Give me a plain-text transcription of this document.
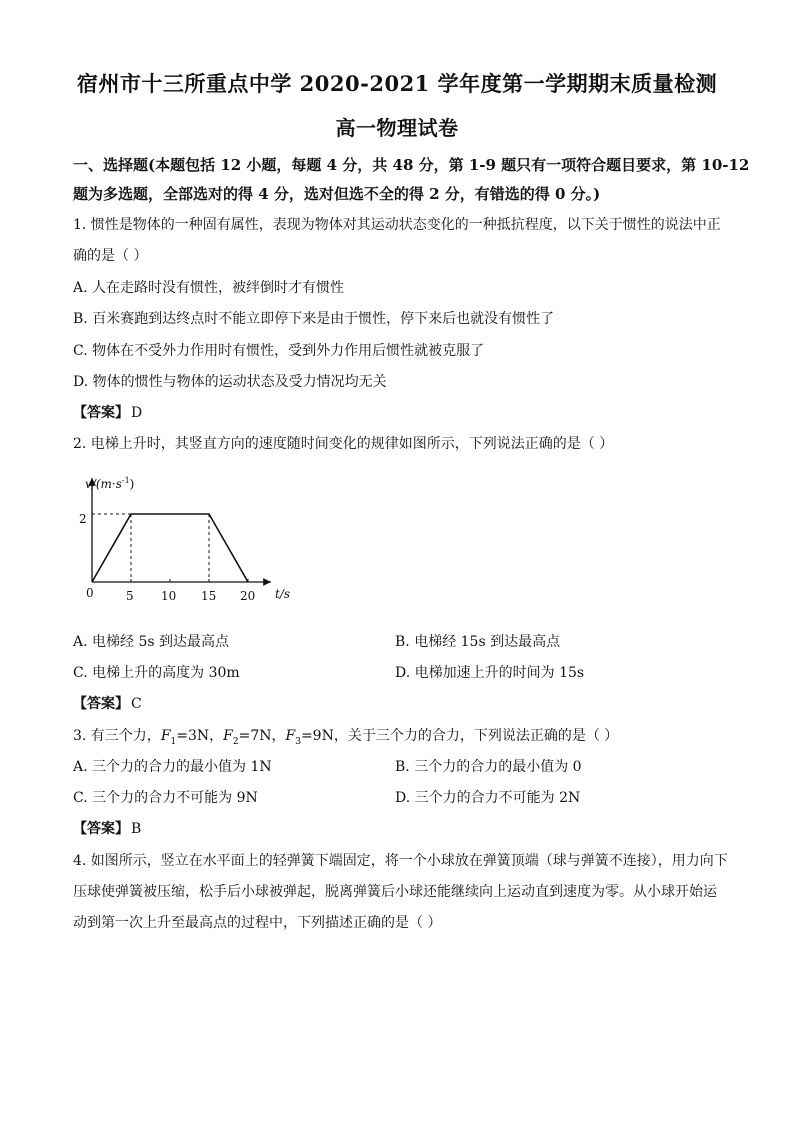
宿州市十三所重点中学 2020-2021 学年度第一学期期末质量检测
高一物理试卷
一、选择题(本题包括 12 小题，每题 4 分，共 48 分，第 1-9 题只有一项符合题目要求，第 10-12
题为多选题，全部选对的得 4 分，选对但选不全的得 2 分，有错选的得 0 分。)
1. 惯性是物体的一种固有属性，表现为物体对其运动状态变化的一种抵抗程度，以下关于惯性的说法中正
确的是（ ）
A. 人在走路时没有惯性，被绊倒时才有惯性
B. 百米赛跑到达终点时不能立即停下来是由于惯性，停下来后也就没有惯性了
C. 物体在不受外力作用时有惯性，受到外力作用后惯性就被克服了
D. 物体的惯性与物体的运动状态及受力情况均无关
【答案】 D
2. 电梯上升时，其竖直方向的速度随时间变化的规律如图所示，下列说法正确的是（ ）
$v/(m\cdot s^{-1})$
2
0	5 10 15 20 t/s
A. 电梯经 5s 到达最高点	B. 电梯经 15s 到达最高点
C. 电梯上升的高度为 30m	D. 电梯加速上升的时间为 15s
【答案】 C
3. 有三个力，$F_1=3N$，$F_2=7N$，$F_3=9N$，关于三个力的合力，下列说法正确的是（ ）
A. 三个力的合力的最小值为 1N	B. 三个力的合力的最小值为 0
C. 三个力的合力不可能为 9N	D. 三个力的合力不可能为 2N
【答案】 B
4. 如图所示，竖立在水平面上的轻弹簧下端固定，将一个小球放在弹簧顶端（球与弹簧不连接），用力向下
压球使弹簧被压缩，松手后小球被弹起，脱离弹簧后小球还能继续向上运动直到速度为零。从小球开始运
动到第一次上升至最高点的过程中，下列描述正确的是（ ）
